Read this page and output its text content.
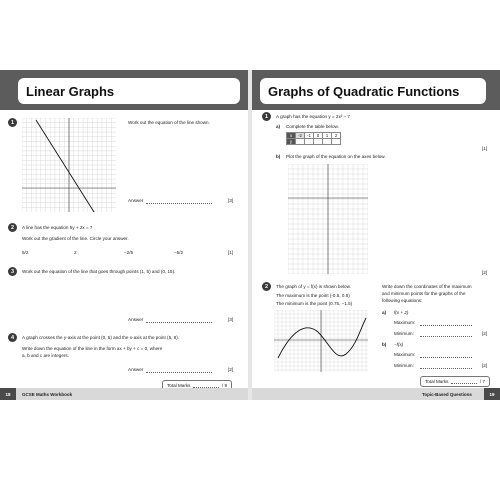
Linear Graphs
1	Work out the equation of the line shown.
Answer	[3]
2	A line has the equation 5y + 2x = 7
Work out the gradient of the line. Circle your answer.
5/2	2	−2/5	−5/2	[1]
3	Work out the equation of the line that goes through points (1, 5) and (0, 15).
Answer	[3]
4	A graph crosses the y-axis at the point (0, 5) and the x-axis at the point (5, 8).
Write down the equation of the line in the form ax + by + c = 0, where
a, b and c are integers.
Answer	[2]
Total Marks	/ 9
18	GCSE Maths Workbook
Graphs of Quadratic Functions
1	A graph has the equation y = 2x² − 7
a) Complete the table below.
x	-2	-1	0	1	2
y					
[1]
b) Plot the graph of the equation on the axes below.
[2]
2	The graph of y = f(x) is shown below.
The maximum is the point (-0.5, 0.5)
The minimum is the point (0.75, −1.5)
Write down the coordinates of the maximum
and minimum points for the graphs of the
following equations:
a) f(x + 2)
Maximum:
Minimum:	[2]
b) −f(x)
Maximum:
Minimum:	[2]
Total Marks	/ 7
Topic-Based Questions	19
